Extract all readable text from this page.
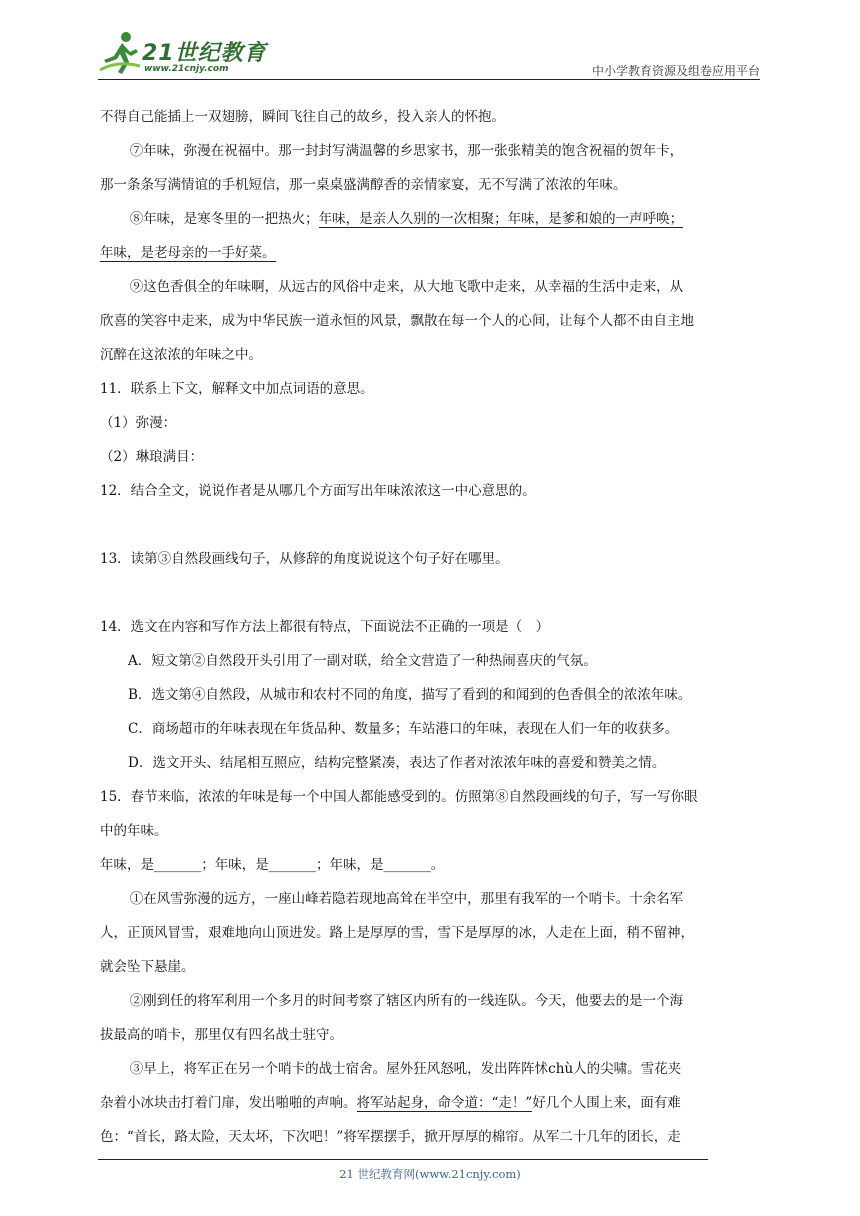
21世纪教育
www.21cnjy.com	中小学教育资源及组卷应用平台

不得自己能插上一双翅膀，瞬间飞往自己的故乡，投入亲人的怀抱。

⑦年味，弥漫在祝福中。那一封封写满温馨的乡思家书，那一张张精美的饱含祝福的贺年卡，

那一条条写满情谊的手机短信，那一桌桌盛满醇香的亲情家宴，无不写满了浓浓的年味。

⑧年味，是寒冬里的一把热火；年味，是亲人久别的一次相聚；年味，是爹和娘的一声呼唤；

年味，是老母亲的一手好菜。

⑨这色香俱全的年味啊，从远古的风俗中走来，从大地飞歌中走来，从幸福的生活中走来，从

欣喜的笑容中走来，成为中华民族一道永恒的风景，飘散在每一个人的心间，让每个人都不由自主地

沉醉在这浓浓的年味之中。

11．联系上下文，解释文中加点词语的意思。

（1）弥漫：

（2）琳琅满目：

12．结合全文，说说作者是从哪几个方面写出年味浓浓这一中心意思的。

13．读第③自然段画线句子，从修辞的角度说说这个句子好在哪里。

14．选文在内容和写作方法上都很有特点，下面说法不正确的一项是（　）

A．短文第②自然段开头引用了一副对联，给全文营造了一种热闹喜庆的气氛。

B．选文第④自然段，从城市和农村不同的角度，描写了看到的和闻到的色香俱全的浓浓年味。

C．商场超市的年味表现在年货品种、数量多；车站港口的年味，表现在人们一年的收获多。

D．选文开头、结尾相互照应，结构完整紧凑，表达了作者对浓浓年味的喜爱和赞美之情。

15．春节来临，浓浓的年味是每一个中国人都能感受到的。仿照第⑧自然段画线的句子，写一写你眼

中的年味。

年味，是_______；年味，是_______；年味，是_______。

①在风雪弥漫的远方，一座山峰若隐若现地高耸在半空中，那里有我军的一个哨卡。十余名军

人，正顶风冒雪，艰难地向山顶进发。路上是厚厚的雪，雪下是厚厚的冰，人走在上面，稍不留神，

就会坠下悬崖。

②刚到任的将军利用一个多月的时间考察了辖区内所有的一线连队。今天，他要去的是一个海

拔最高的哨卡，那里仅有四名战士驻守。

③早上，将军正在另一个哨卡的战士宿舍。屋外狂风怒吼，发出阵阵怵chù人的尖啸。雪花夹

杂着小冰块击打着门扉，发出啪啪的声响。将军站起身，命令道：“走！”好几个人围上来，面有难

色：“首长，路太险，天太坏，下次吧！”将军摆摆手，掀开厚厚的棉帘。从军二十几年的团长，走

21 世纪教育网(www.21cnjy.com)
